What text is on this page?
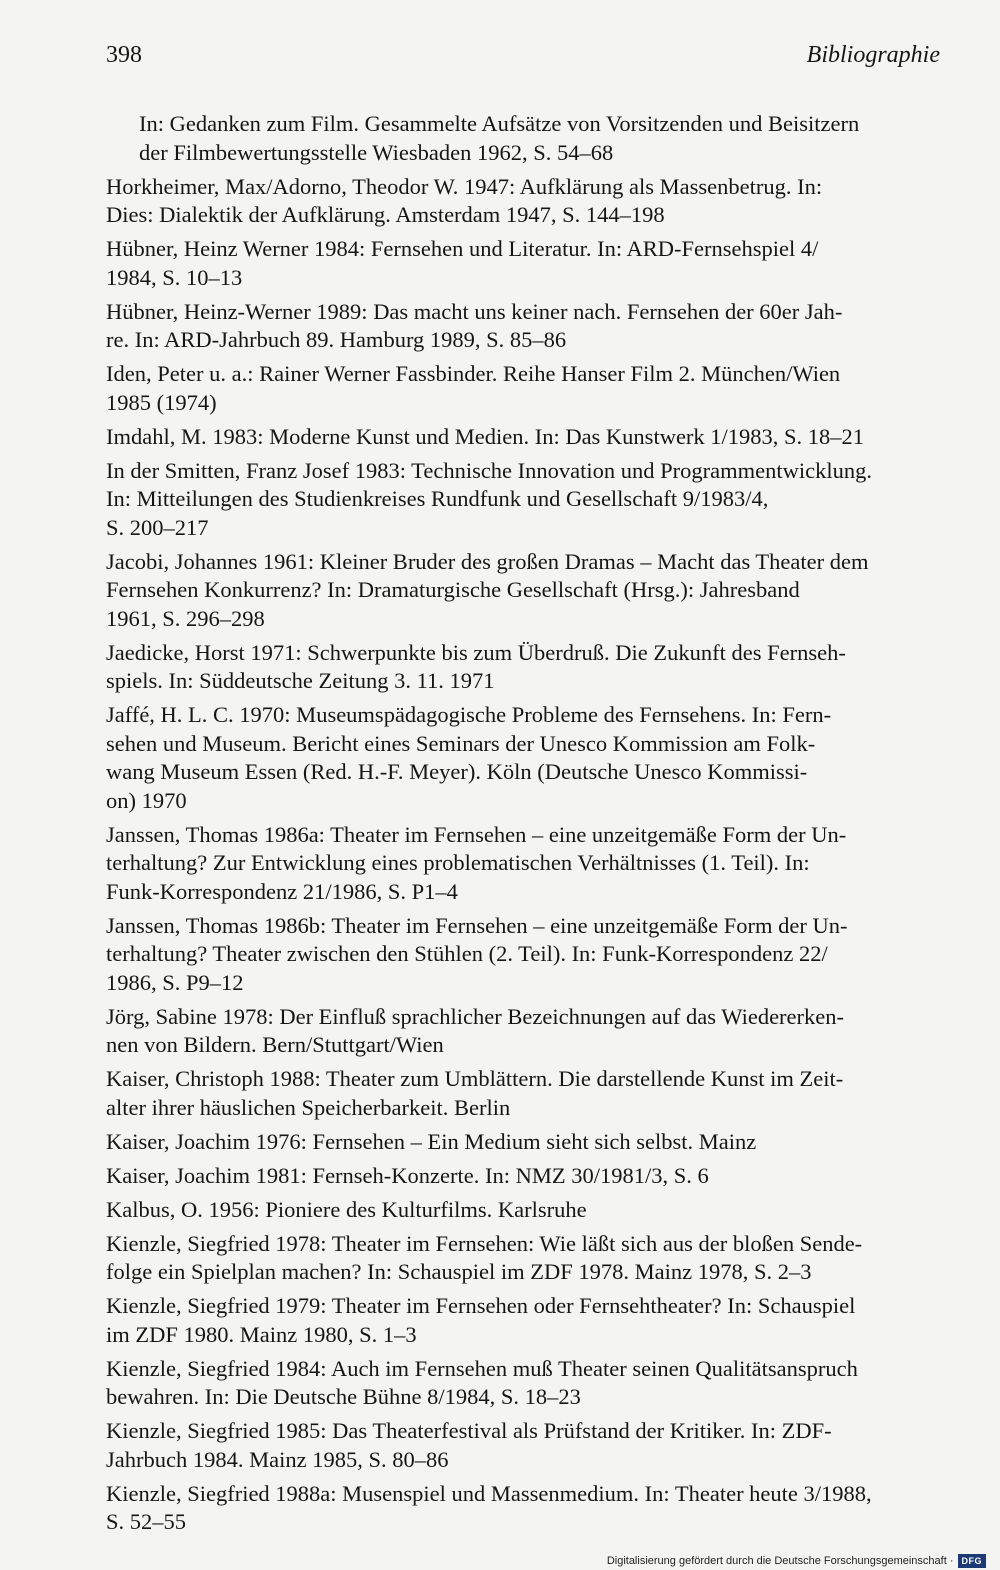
398	Bibliographie
In: Gedanken zum Film. Gesammelte Aufsätze von Vorsitzenden und Beisitzern
der Filmbewertungsstelle Wiesbaden 1962, S. 54–68
Horkheimer, Max/Adorno, Theodor W. 1947: Aufklärung als Massenbetrug. In:
Dies: Dialektik der Aufklärung. Amsterdam 1947, S. 144–198
Hübner, Heinz Werner 1984: Fernsehen und Literatur. In: ARD-Fernsehspiel 4/
1984, S. 10–13
Hübner, Heinz-Werner 1989: Das macht uns keiner nach. Fernsehen der 60er Jah-
re. In: ARD-Jahrbuch 89. Hamburg 1989, S. 85–86
Iden, Peter u. a.: Rainer Werner Fassbinder. Reihe Hanser Film 2. München/Wien
1985 (1974)
Imdahl, M. 1983: Moderne Kunst und Medien. In: Das Kunstwerk 1/1983, S. 18–21
In der Smitten, Franz Josef 1983: Technische Innovation und Programmentwicklung.
In: Mitteilungen des Studienkreises Rundfunk und Gesellschaft 9/1983/4,
S. 200–217
Jacobi, Johannes 1961: Kleiner Bruder des großen Dramas – Macht das Theater dem
Fernsehen Konkurrenz? In: Dramaturgische Gesellschaft (Hrsg.): Jahresband
1961, S. 296–298
Jaedicke, Horst 1971: Schwerpunkte bis zum Überdruß. Die Zukunft des Fernseh-
spiels. In: Süddeutsche Zeitung 3. 11. 1971
Jaffé, H. L. C. 1970: Museumspädagogische Probleme des Fernsehens. In: Fern-
sehen und Museum. Bericht eines Seminars der Unesco Kommission am Folk-
wang Museum Essen (Red. H.-F. Meyer). Köln (Deutsche Unesco Kommissi-
on) 1970
Janssen, Thomas 1986a: Theater im Fernsehen – eine unzeitgemäße Form der Un-
terhaltung? Zur Entwicklung eines problematischen Verhältnisses (1. Teil). In:
Funk-Korrespondenz 21/1986, S. P1–4
Janssen, Thomas 1986b: Theater im Fernsehen – eine unzeitgemäße Form der Un-
terhaltung? Theater zwischen den Stühlen (2. Teil). In: Funk-Korrespondenz 22/
1986, S. P9–12
Jörg, Sabine 1978: Der Einfluß sprachlicher Bezeichnungen auf das Wiedererken-
nen von Bildern. Bern/Stuttgart/Wien
Kaiser, Christoph 1988: Theater zum Umblättern. Die darstellende Kunst im Zeit-
alter ihrer häuslichen Speicherbarkeit. Berlin
Kaiser, Joachim 1976: Fernsehen – Ein Medium sieht sich selbst. Mainz
Kaiser, Joachim 1981: Fernseh-Konzerte. In: NMZ 30/1981/3, S. 6
Kalbus, O. 1956: Pioniere des Kulturfilms. Karlsruhe
Kienzle, Siegfried 1978: Theater im Fernsehen: Wie läßt sich aus der bloßen Sende-
folge ein Spielplan machen? In: Schauspiel im ZDF 1978. Mainz 1978, S. 2–3
Kienzle, Siegfried 1979: Theater im Fernsehen oder Fernsehtheater? In: Schauspiel
im ZDF 1980. Mainz 1980, S. 1–3
Kienzle, Siegfried 1984: Auch im Fernsehen muß Theater seinen Qualitätsanspruch
bewahren. In: Die Deutsche Bühne 8/1984, S. 18–23
Kienzle, Siegfried 1985: Das Theaterfestival als Prüfstand der Kritiker. In: ZDF-
Jahrbuch 1984. Mainz 1985, S. 80–86
Kienzle, Siegfried 1988a: Musenspiel und Massenmedium. In: Theater heute 3/1988,
S. 52–55
Digitalisierung gefördert durch die Deutsche Forschungsgemeinschaft · DFG
